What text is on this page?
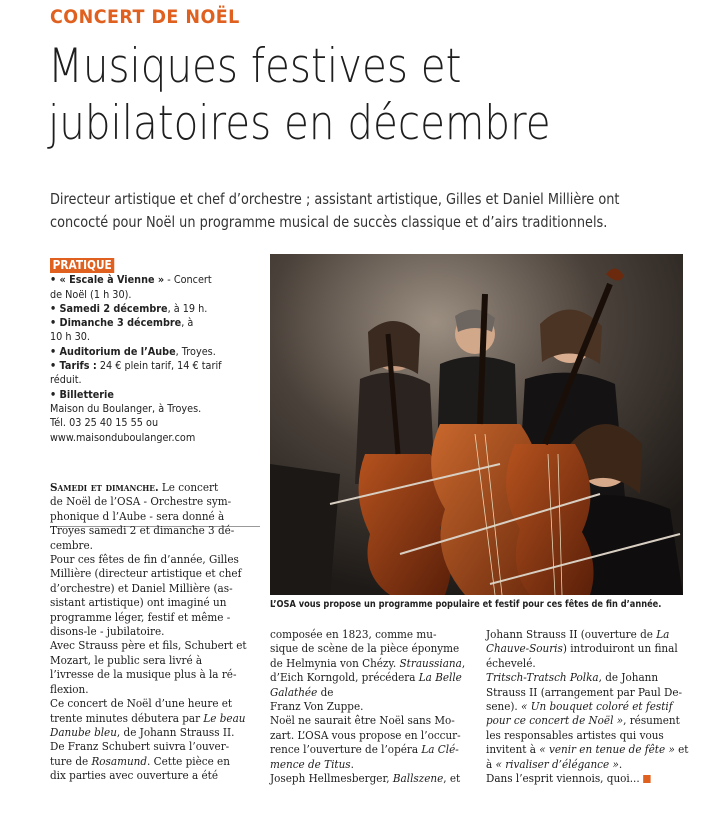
CONCERT DE NOËL
Musiques festives et
jubilatoires en décembre

Directeur artistique et chef d’orchestre ; assistant artistique, Gilles et Daniel Millière ont
concocté pour Noël un programme musical de succès classique et d’airs traditionnels.

PRATIQUE
• « Escale à Vienne » - Concert
de Noël (1 h 30).
• Samedi 2 décembre, à 19 h.
• Dimanche 3 décembre, à
10 h 30.
• Auditorium de l’Aube, Troyes.
• Tarifs : 24 € plein tarif, 14 € tarif
réduit.
• Billetterie
Maison du Boulanger, à Troyes.
Tél. 03 25 40 15 55 ou
www.maisonduboulanger.com
Samedi et dimanche. Le concert
de Noël de l’OSA - Orchestre sym-
phonique d l’Aube - sera donné à
Troyes samedi 2 et dimanche 3 dé-
cembre.
Pour ces fêtes de fin d’année, Gilles
Millière (directeur artistique et chef
d’orchestre) et Daniel Millière (as-
sistant artistique) ont imaginé un
programme léger, festif et même -
disons-le - jubilatoire.
Avec Strauss père et fils, Schubert et
Mozart, le public sera livré à
l’ivresse de la musique plus à la ré-
flexion.
Ce concert de Noël d’une heure et
trente minutes débutera par Le beau
Danube bleu, de Johann Strauss II.
De Franz Schubert suivra l’ouver-
ture de Rosamund. Cette pièce en
dix parties avec ouverture a été
L’OSA vous propose un programme populaire et festif pour ces fêtes de fin d’année.
composée en 1823, comme mu-
sique de scène de la pièce éponyme
de Helmynia von Chézy. Straussiana,
d’Eich Korngold, précédera La Belle
Galathée de
Franz Von Zuppe.
Noël ne saurait être Noël sans Mo-
zart. L’OSA vous propose en l’occur-
rence l’ouverture de l’opéra La Clé-
mence de Titus.
Joseph Hellmesberger, Ballszene, et
Johann Strauss II (ouverture de La
Chauve-Souris) introduiront un final
échevelé.
Tritsch-Tratsch Polka, de Johann
Strauss II (arrangement par Paul De-
sene). « Un bouquet coloré et festif
pour ce concert de Noël », résument
les responsables artistes qui vous
invitent à « venir en tenue de fête » et
à « rivaliser d’élégance ».
Dans l’esprit viennois, quoi...
